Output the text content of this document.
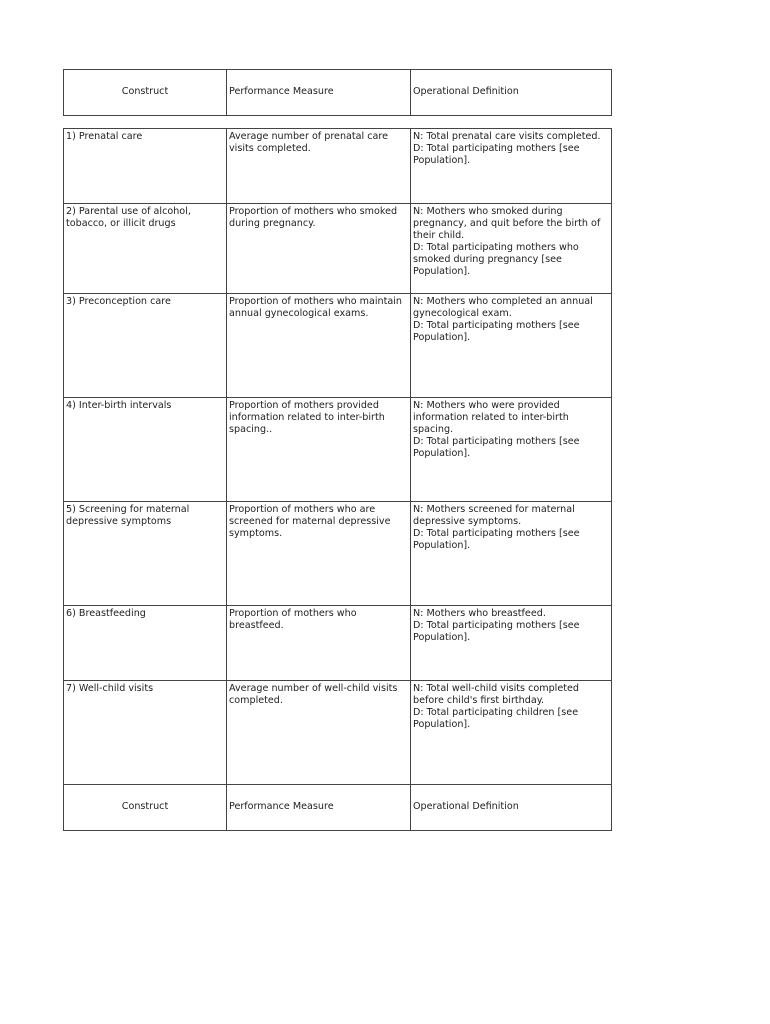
Construct	Performance Measure	Operational Definition

1) Prenatal care	Average number of prenatal care visits completed.	N: Total prenatal care visits completed.
D: Total participating mothers [see Population].

2) Parental use of alcohol, tobacco, or illicit drugs	Proportion of mothers who smoked during pregnancy.	N: Mothers who smoked during pregnancy, and quit before the birth of their child.
D: Total participating mothers who smoked during pregnancy [see Population].

3) Preconception care	Proportion of mothers who maintain
annual gynecological exams.	N: Mothers who completed an annual gynecological exam.
D: Total participating mothers [see Population].

4) Inter-birth intervals	Proportion of mothers provided information related to inter-birth spacing..	N: Mothers who were provided information related to inter-birth spacing.
D: Total participating mothers [see Population].

5) Screening for maternal depressive symptoms	Proportion of mothers who are screened for maternal depressive symptoms.	N: Mothers screened for maternal depressive symptoms.
D: Total participating mothers [see Population].

6) Breastfeeding	Proportion of mothers who breastfeed.	N: Mothers who breastfeed.
D: Total participating mothers [see Population].

7) Well-child visits	Average number of well-child visits completed.	N: Total well-child visits completed before child's first birthday.
D: Total participating children [see Population].

Construct	Performance Measure	Operational Definition
